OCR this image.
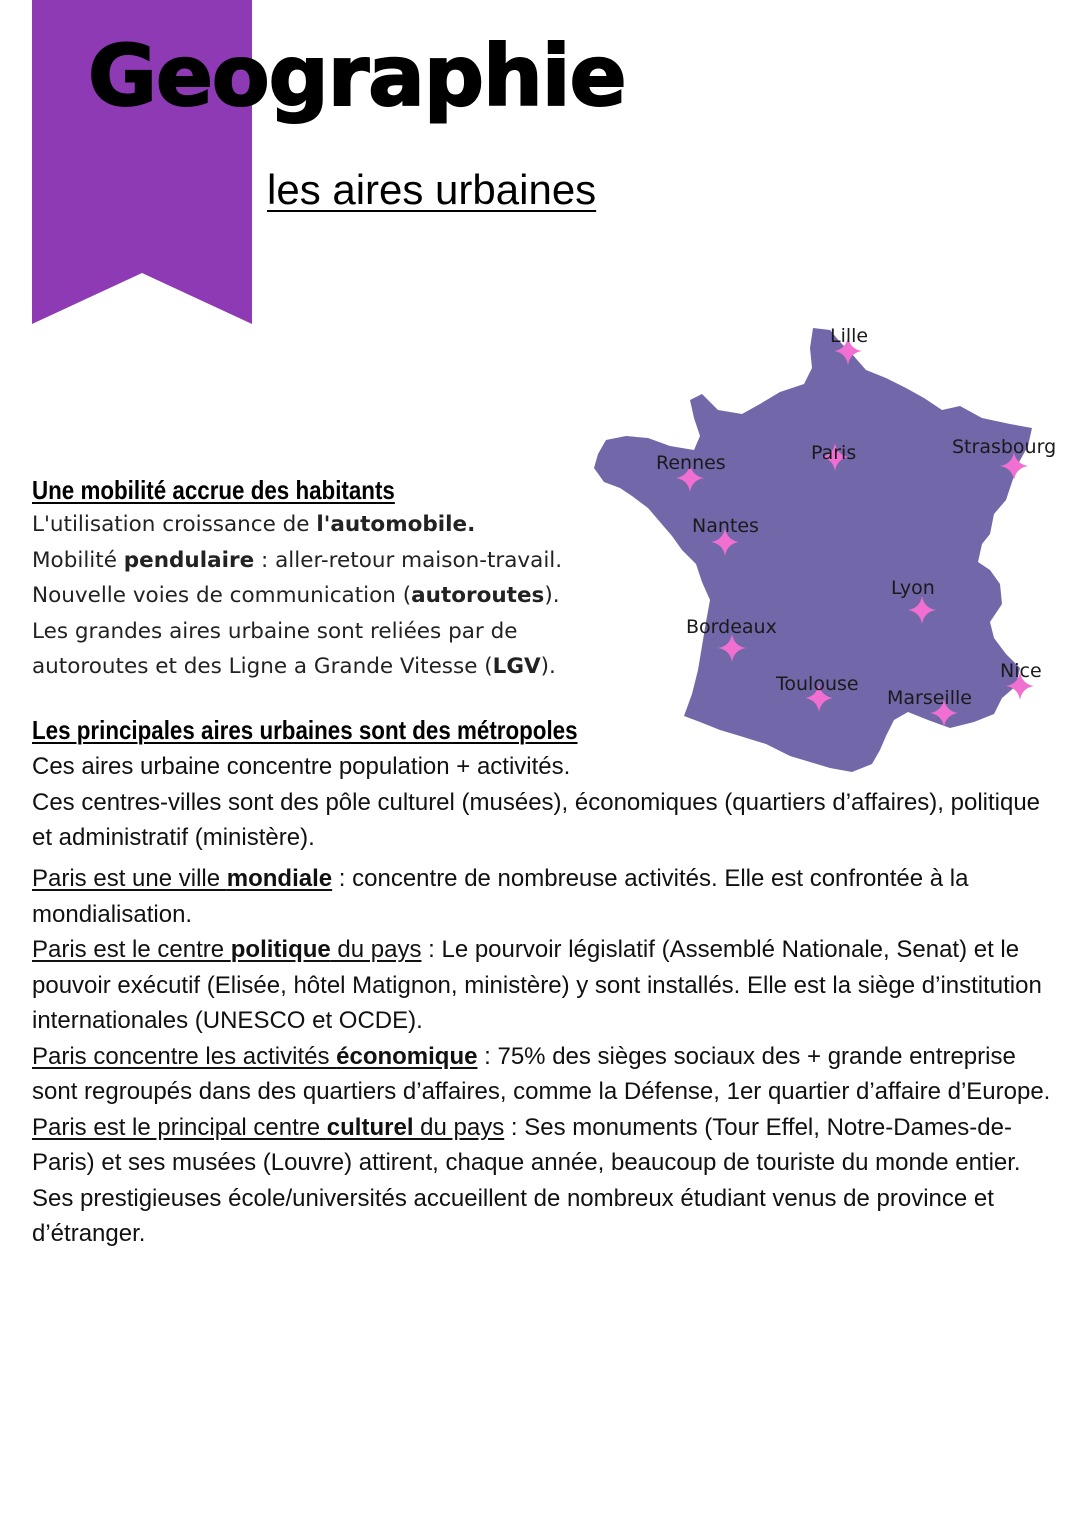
Geographie
les aires urbaines
Lille
Paris	Strasbourg
Rennes
Nantes
Lyon
Bordeaux
Nice
Toulouse
Marseille
Une mobilité accrue des habitants

L'utilisation croissance de l'automobile.

Mobilité pendulaire : aller-retour maison-travail.

Nouvelle voies de communication (autoroutes).

Les grandes aires urbaine sont reliées par de

autoroutes et des Ligne a Grande Vitesse (LGV).

Les principales aires urbaines sont des métropoles

Ces aires urbaine concentre population + activités.

Ces centres-villes sont des pôle culturel (musées), économiques (quartiers d’affaires), politique et administratif (ministère).

Paris est une ville mondiale : concentre de nombreuse activités. Elle est confrontée à la mondialisation.

Paris est le centre politique du pays : Le pourvoir législatif (Assemblé Nationale, Senat) et le pouvoir exécutif (Elisée, hôtel Matignon, ministère) y sont installés. Elle est la siège d’institution internationales (UNESCO et OCDE).

Paris concentre les activités économique : 75% des sièges sociaux des + grande entreprise sont regroupés dans des quartiers d’affaires, comme la Défense, 1er quartier d’affaire d’Europe.

Paris est le principal centre culturel du pays : Ses monuments (Tour Effel, Notre-Dames-de-Paris) et ses musées (Louvre) attirent, chaque année, beaucoup de touriste du monde entier. Ses prestigieuses école/universités accueillent de nombreux étudiant venus de province et d’étranger.
